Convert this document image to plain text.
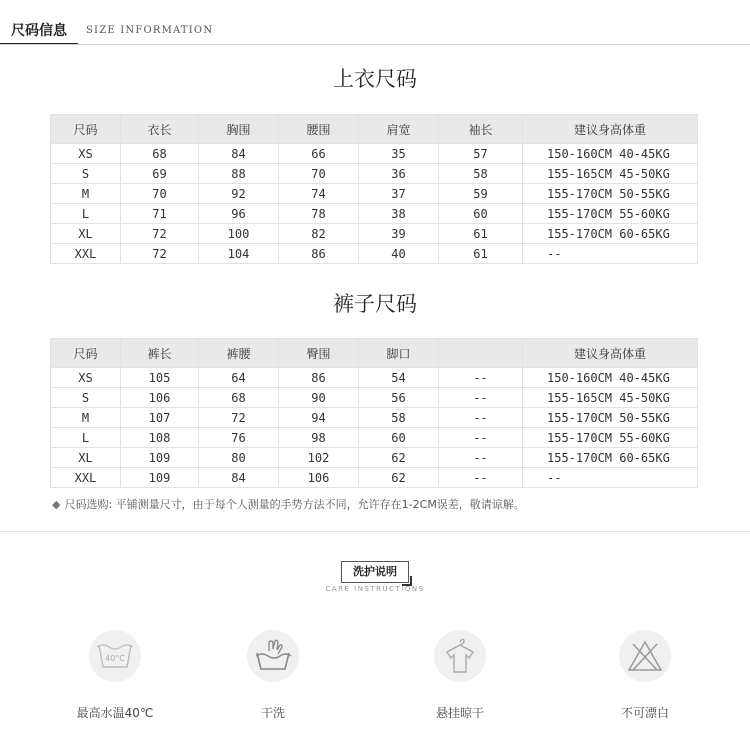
尺码信息 SIZE INFORMATION
上衣尺码
尺码	衣长	胸围	腰围	肩宽	袖长	建议身高体重
XS	68	84	66	35	57	150-160CM 40-45KG
S	69	88	70	36	58	155-165CM 45-50KG
M	70	92	74	37	59	155-170CM 50-55KG
L	71	96	78	38	60	155-170CM 55-60KG
XL	72	100	82	39	61	155-170CM 60-65KG
XXL	72	104	86	40	61	--
裤子尺码
尺码	裤长	裤腰	臀围	脚口		建议身高体重
XS	105	64	86	54	--	150-160CM 40-45KG
S	106	68	90	56	--	155-165CM 45-50KG
M	107	72	94	58	--	155-170CM 50-55KG
L	108	76	98	60	--	155-170CM 55-60KG
XL	109	80	102	62	--	155-170CM 60-65KG
XXL	109	84	106	62	--	--
◆ 尺码选购: 平铺测量尺寸，由于每个人测量的手势方法不同，允许存在1-2CM误差，敬请谅解。
洗护说明
CARE INSTRUCTIONS
40°C
最高水温40℃	干洗	悬挂晾干	不可漂白
